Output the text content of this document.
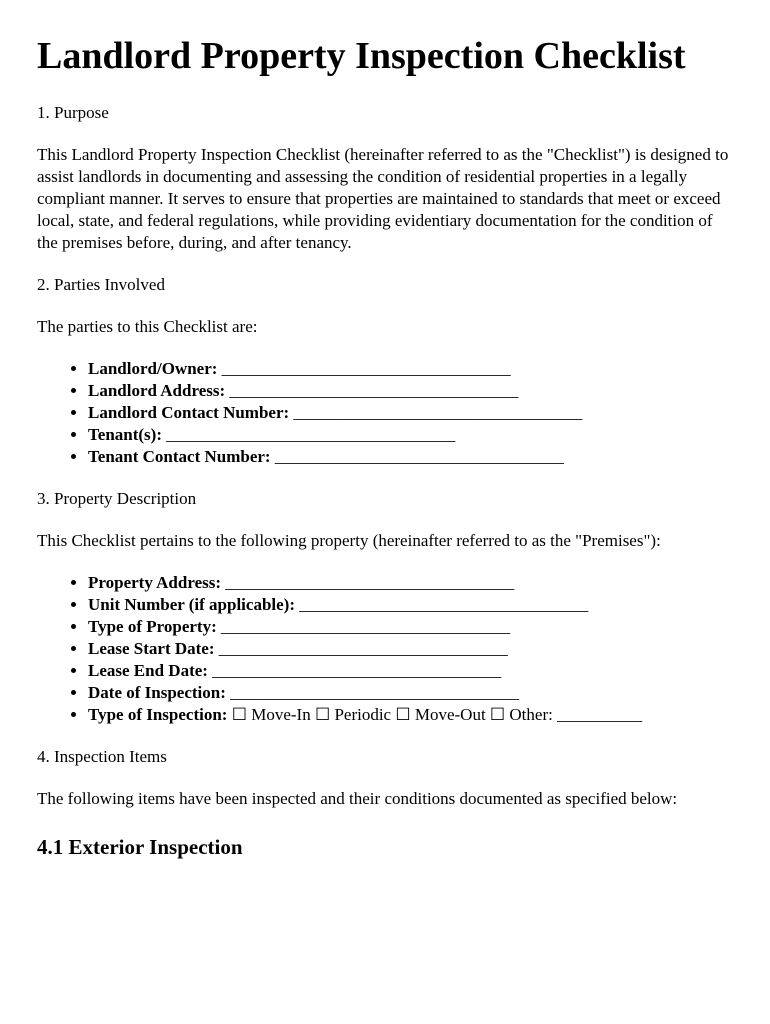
Landlord Property Inspection Checklist
1. Purpose

This Landlord Property Inspection Checklist (hereinafter referred to as the "Checklist") is designed to assist landlords in documenting and assessing the condition of residential properties in a legally compliant manner. It serves to ensure that properties are maintained to standards that meet or exceed local, state, and federal regulations, while providing evidentiary documentation for the condition of the premises before, during, and after tenancy.

2. Parties Involved

The parties to this Checklist are:

• Landlord/Owner: __________________________________
• Landlord Address: __________________________________
• Landlord Contact Number: __________________________________
• Tenant(s): __________________________________
• Tenant Contact Number: __________________________________
3. Property Description

This Checklist pertains to the following property (hereinafter referred to as the "Premises"):

• Property Address: __________________________________
• Unit Number (if applicable): __________________________________
• Type of Property: __________________________________
• Lease Start Date: __________________________________
• Lease End Date: __________________________________
• Date of Inspection: __________________________________
• Type of Inspection: ☐ Move-In ☐ Periodic ☐ Move-Out ☐ Other: __________
4. Inspection Items

The following items have been inspected and their conditions documented as specified below:

4.1 Exterior Inspection
